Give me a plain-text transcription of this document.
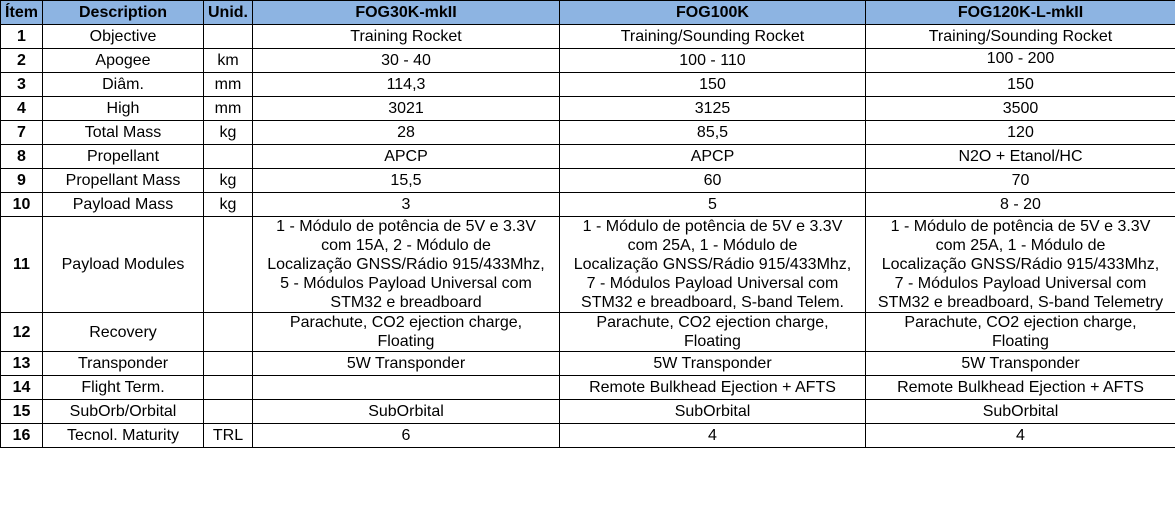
Ítem	Description	Unid.	FOG30K-mkII	FOG100K	FOG120K-L-mkII
1	Objective		Training Rocket	Training/Sounding Rocket	Training/Sounding Rocket
2	Apogee	km	30 - 40	100 - 110	100 - 200
3	Diâm.	mm	114,3	150	150
4	High	mm	3021	3125	3500
7	Total Mass	kg	28	85,5	120
8	Propellant		APCP	APCP	N2O + Etanol/HC
9	Propellant Mass	kg	15,5	60	70
10	Payload Mass	kg	3	5	8 - 20
11	Payload Modules		1 - Módulo de potência de 5V e 3.3V
com 15A, 2 - Módulo de
Localização GNSS/Rádio 915/433Mhz,
5 - Módulos Payload Universal com
STM32 e breadboard	1 - Módulo de potência de 5V e 3.3V
com 25A, 1 - Módulo de
Localização GNSS/Rádio 915/433Mhz,
7 - Módulos Payload Universal com
STM32 e breadboard, S-band Telem.	1 - Módulo de potência de 5V e 3.3V
com 25A, 1 - Módulo de
Localização GNSS/Rádio 915/433Mhz,
7 - Módulos Payload Universal com
STM32 e breadboard, S-band Telemetry
12	Recovery		Parachute, CO2 ejection charge,
Floating	Parachute, CO2 ejection charge,
Floating	Parachute, CO2 ejection charge,
Floating
13	Transponder		5W Transponder	5W Transponder	5W Transponder
14	Flight Term.			Remote Bulkhead Ejection + AFTS	Remote Bulkhead Ejection + AFTS
15	SubOrb/Orbital		SubOrbital	SubOrbital	SubOrbital
16	Tecnol. Maturity	TRL	6	4	4
